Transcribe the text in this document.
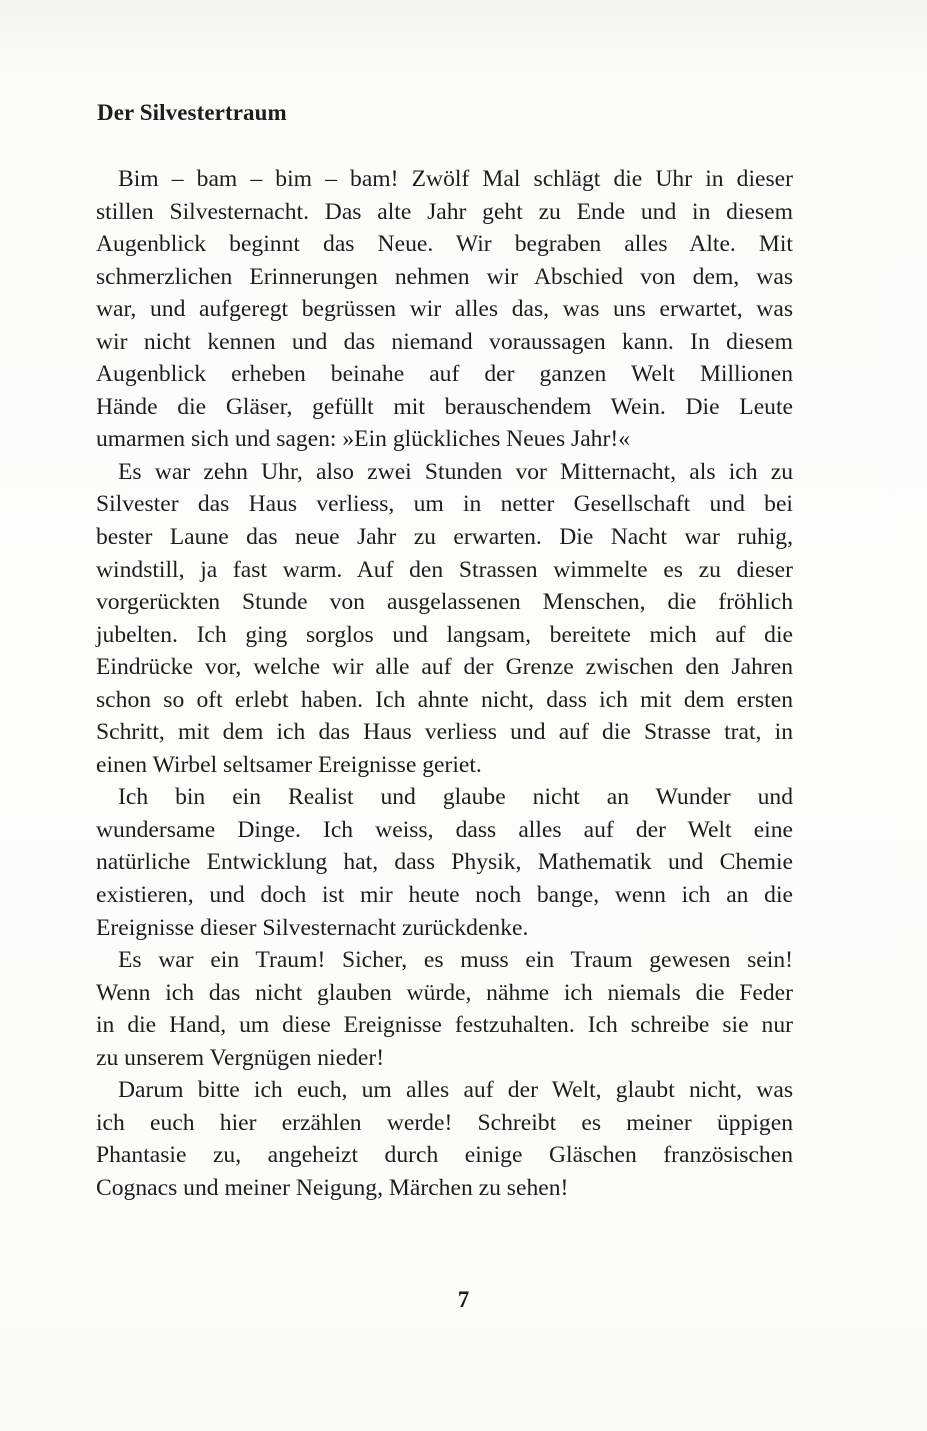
Der Silvestertraum
Bim – bam – bim – bam! Zwölf Mal schlägt die Uhr in dieser
stillen Silvesternacht. Das alte Jahr geht zu Ende und in diesem
Augenblick beginnt das Neue. Wir begraben alles Alte. Mit
schmerzlichen Erinnerungen nehmen wir Abschied von dem, was
war, und aufgeregt begrüssen wir alles das, was uns erwartet, was
wir nicht kennen und das niemand voraussagen kann. In diesem
Augenblick erheben beinahe auf der ganzen Welt Millionen
Hände die Gläser, gefüllt mit berauschendem Wein. Die Leute
umarmen sich und sagen: »Ein glückliches Neues Jahr!«
Es war zehn Uhr, also zwei Stunden vor Mitternacht, als ich zu
Silvester das Haus verliess, um in netter Gesellschaft und bei
bester Laune das neue Jahr zu erwarten. Die Nacht war ruhig,
windstill, ja fast warm. Auf den Strassen wimmelte es zu dieser
vorgerückten Stunde von ausgelassenen Menschen, die fröhlich
jubelten. Ich ging sorglos und langsam, bereitete mich auf die
Eindrücke vor, welche wir alle auf der Grenze zwischen den Jahren
schon so oft erlebt haben. Ich ahnte nicht, dass ich mit dem ersten
Schritt, mit dem ich das Haus verliess und auf die Strasse trat, in
einen Wirbel seltsamer Ereignisse geriet.
Ich bin ein Realist und glaube nicht an Wunder und
wundersame Dinge. Ich weiss, dass alles auf der Welt eine
natürliche Entwicklung hat, dass Physik, Mathematik und Chemie
existieren, und doch ist mir heute noch bange, wenn ich an die
Ereignisse dieser Silvesternacht zurückdenke.
Es war ein Traum! Sicher, es muss ein Traum gewesen sein!
Wenn ich das nicht glauben würde, nähme ich niemals die Feder
in die Hand, um diese Ereignisse festzuhalten. Ich schreibe sie nur
zu unserem Vergnügen nieder!
Darum bitte ich euch, um alles auf der Welt, glaubt nicht, was
ich euch hier erzählen werde! Schreibt es meiner üppigen
Phantasie zu, angeheizt durch einige Gläschen französischen
Cognacs und meiner Neigung, Märchen zu sehen!
7
